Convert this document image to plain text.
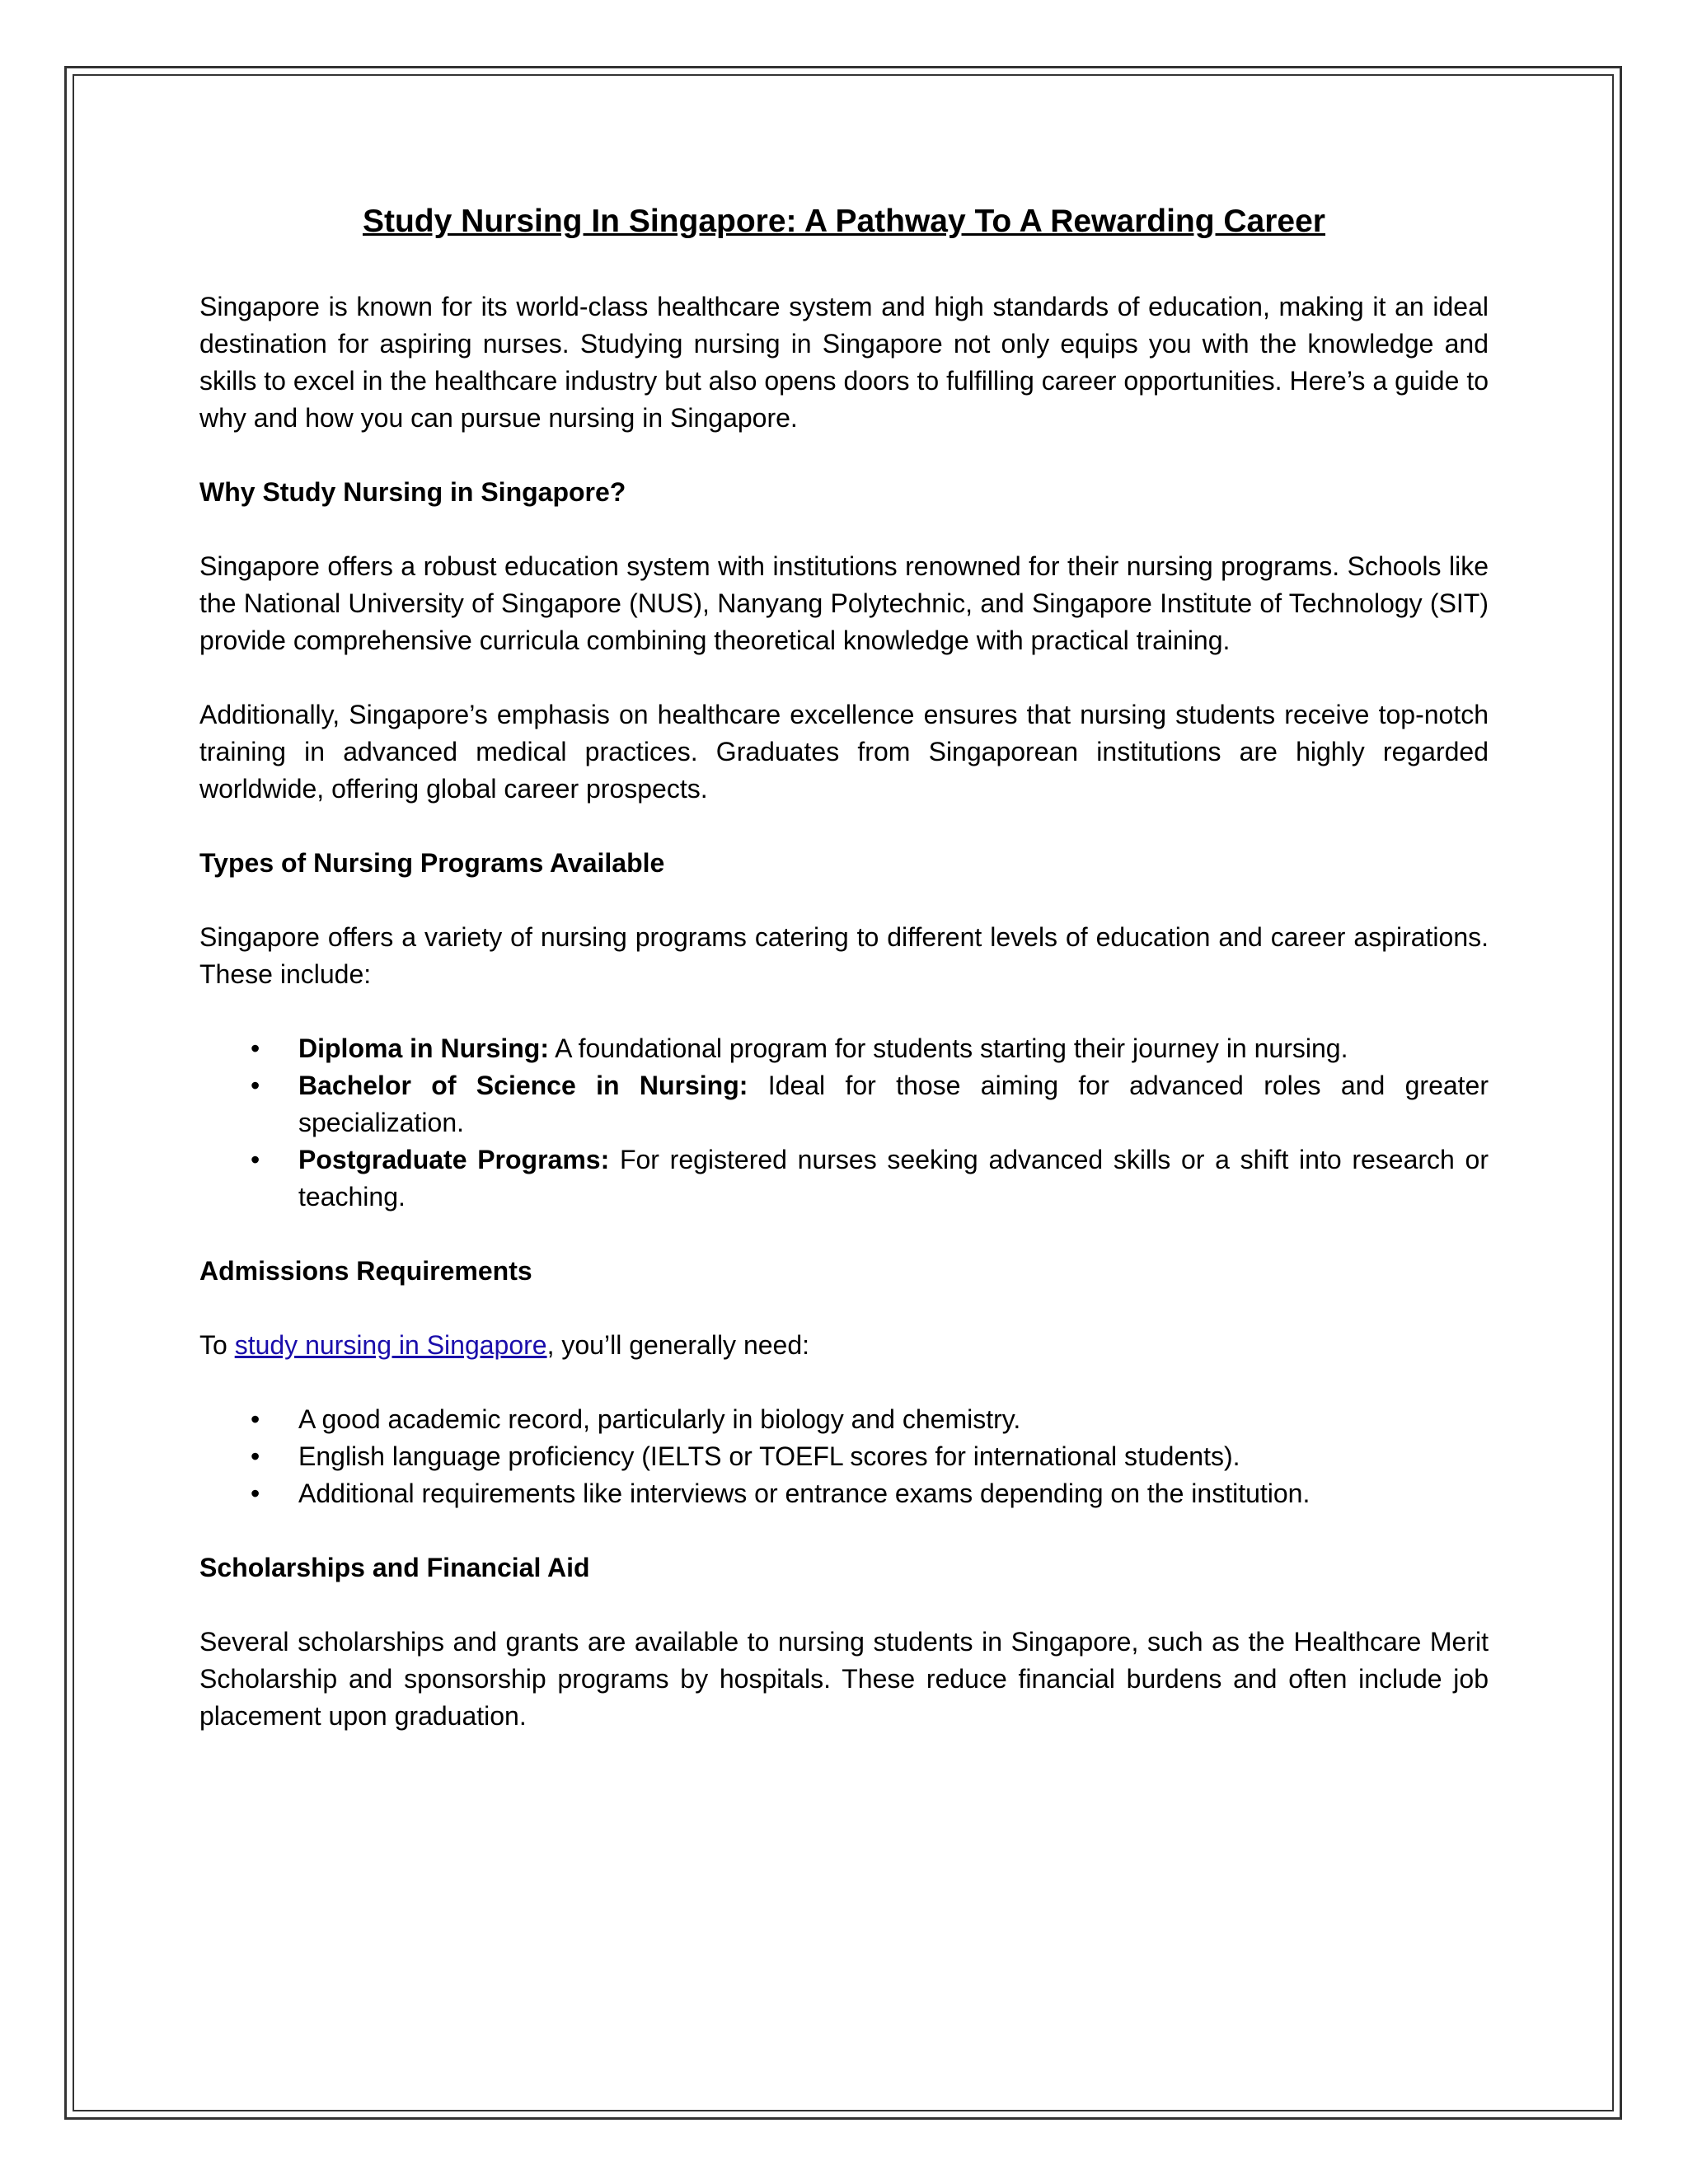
Study Nursing In Singapore: A Pathway To A Rewarding Career

Singapore is known for its world-class healthcare system and high standards of education, making it an ideal destination for aspiring nurses. Studying nursing in Singapore not only equips you with the knowledge and skills to excel in the healthcare industry but also opens doors to fulfilling career opportunities. Here’s a guide to why and how you can pursue nursing in Singapore.

Why Study Nursing in Singapore?

Singapore offers a robust education system with institutions renowned for their nursing programs. Schools like the National University of Singapore (NUS), Nanyang Polytechnic, and Singapore Institute of Technology (SIT) provide comprehensive curricula combining theoretical knowledge with practical training.

Additionally, Singapore’s emphasis on healthcare excellence ensures that nursing students receive top-notch training in advanced medical practices. Graduates from Singaporean institutions are highly regarded worldwide, offering global career prospects.

Types of Nursing Programs Available

Singapore offers a variety of nursing programs catering to different levels of education and career aspirations. These include:

• Diploma in Nursing: A foundational program for students starting their journey in nursing.
• Bachelor of Science in Nursing: Ideal for those aiming for advanced roles and greater specialization.
• Postgraduate Programs: For registered nurses seeking advanced skills or a shift into research or teaching.
Admissions Requirements

To study nursing in Singapore, you’ll generally need:

• A good academic record, particularly in biology and chemistry.
• English language proficiency (IELTS or TOEFL scores for international students).
• Additional requirements like interviews or entrance exams depending on the institution.
Scholarships and Financial Aid

Several scholarships and grants are available to nursing students in Singapore, such as the Healthcare Merit Scholarship and sponsorship programs by hospitals. These reduce financial burdens and often include job placement upon graduation.
